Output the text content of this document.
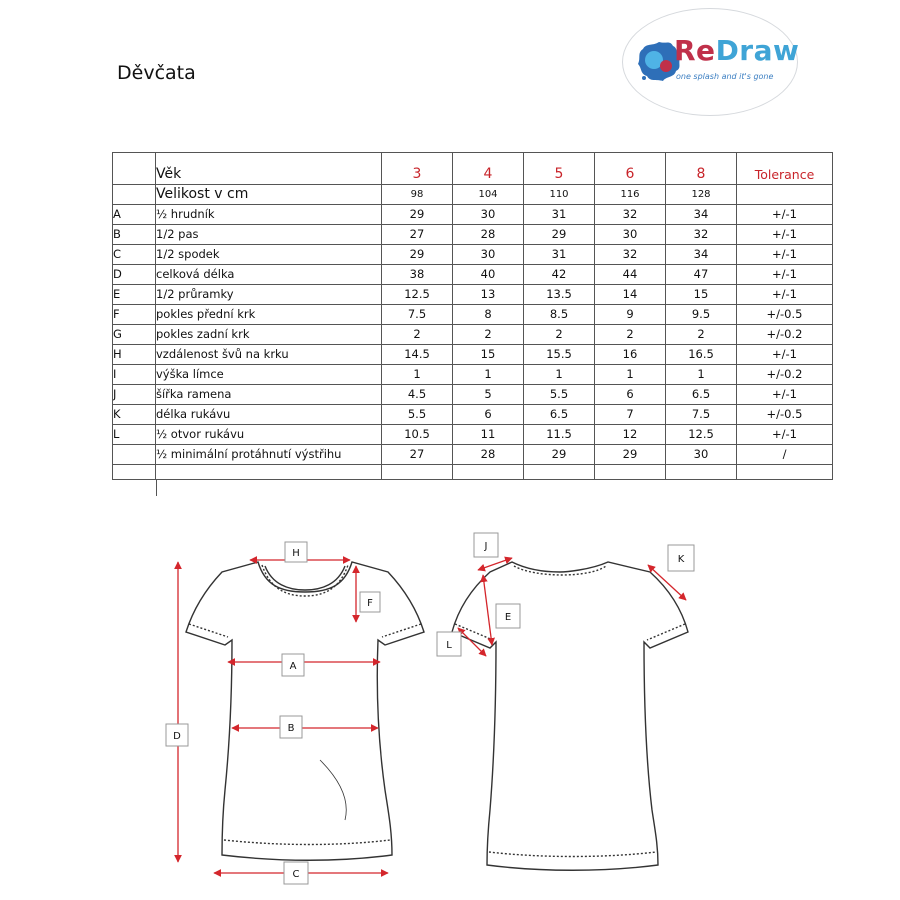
Děvčata
ReDraw
one splash and it's gone
	Věk	3	4	5	6	8	Tolerance
	Velikost v cm	98	104	110	116	128	
A	½ hrudník	29	30	31	32	34	+/-1
B	1/2 pas	27	28	29	30	32	+/-1
C	1/2 spodek	29	30	31	32	34	+/-1
D	celková délka	38	40	42	44	47	+/-1
E	1/2 průramky	12.5	13	13.5	14	15	+/-1
F	pokles přední krk	7.5	8	8.5	9	9.5	+/-0.5
G	pokles zadní krk	2	2	2	2	2	+/-0.2
H	vzdálenost švů na krku	14.5	15	15.5	16	16.5	+/-1
I	výška límce	1	1	1	1	1	+/-0.2
J	šířka ramena	4.5	5	5.5	6	6.5	+/-1
K	délka rukávu	5.5	6	6.5	7	7.5	+/-0.5
L	½ otvor rukávu	10.5	11	11.5	12	12.5	+/-1
	½ minimální protáhnutí výstřihu	27	28	29	29	30	/

H
F
A
B
D
C
J
K
E
L
